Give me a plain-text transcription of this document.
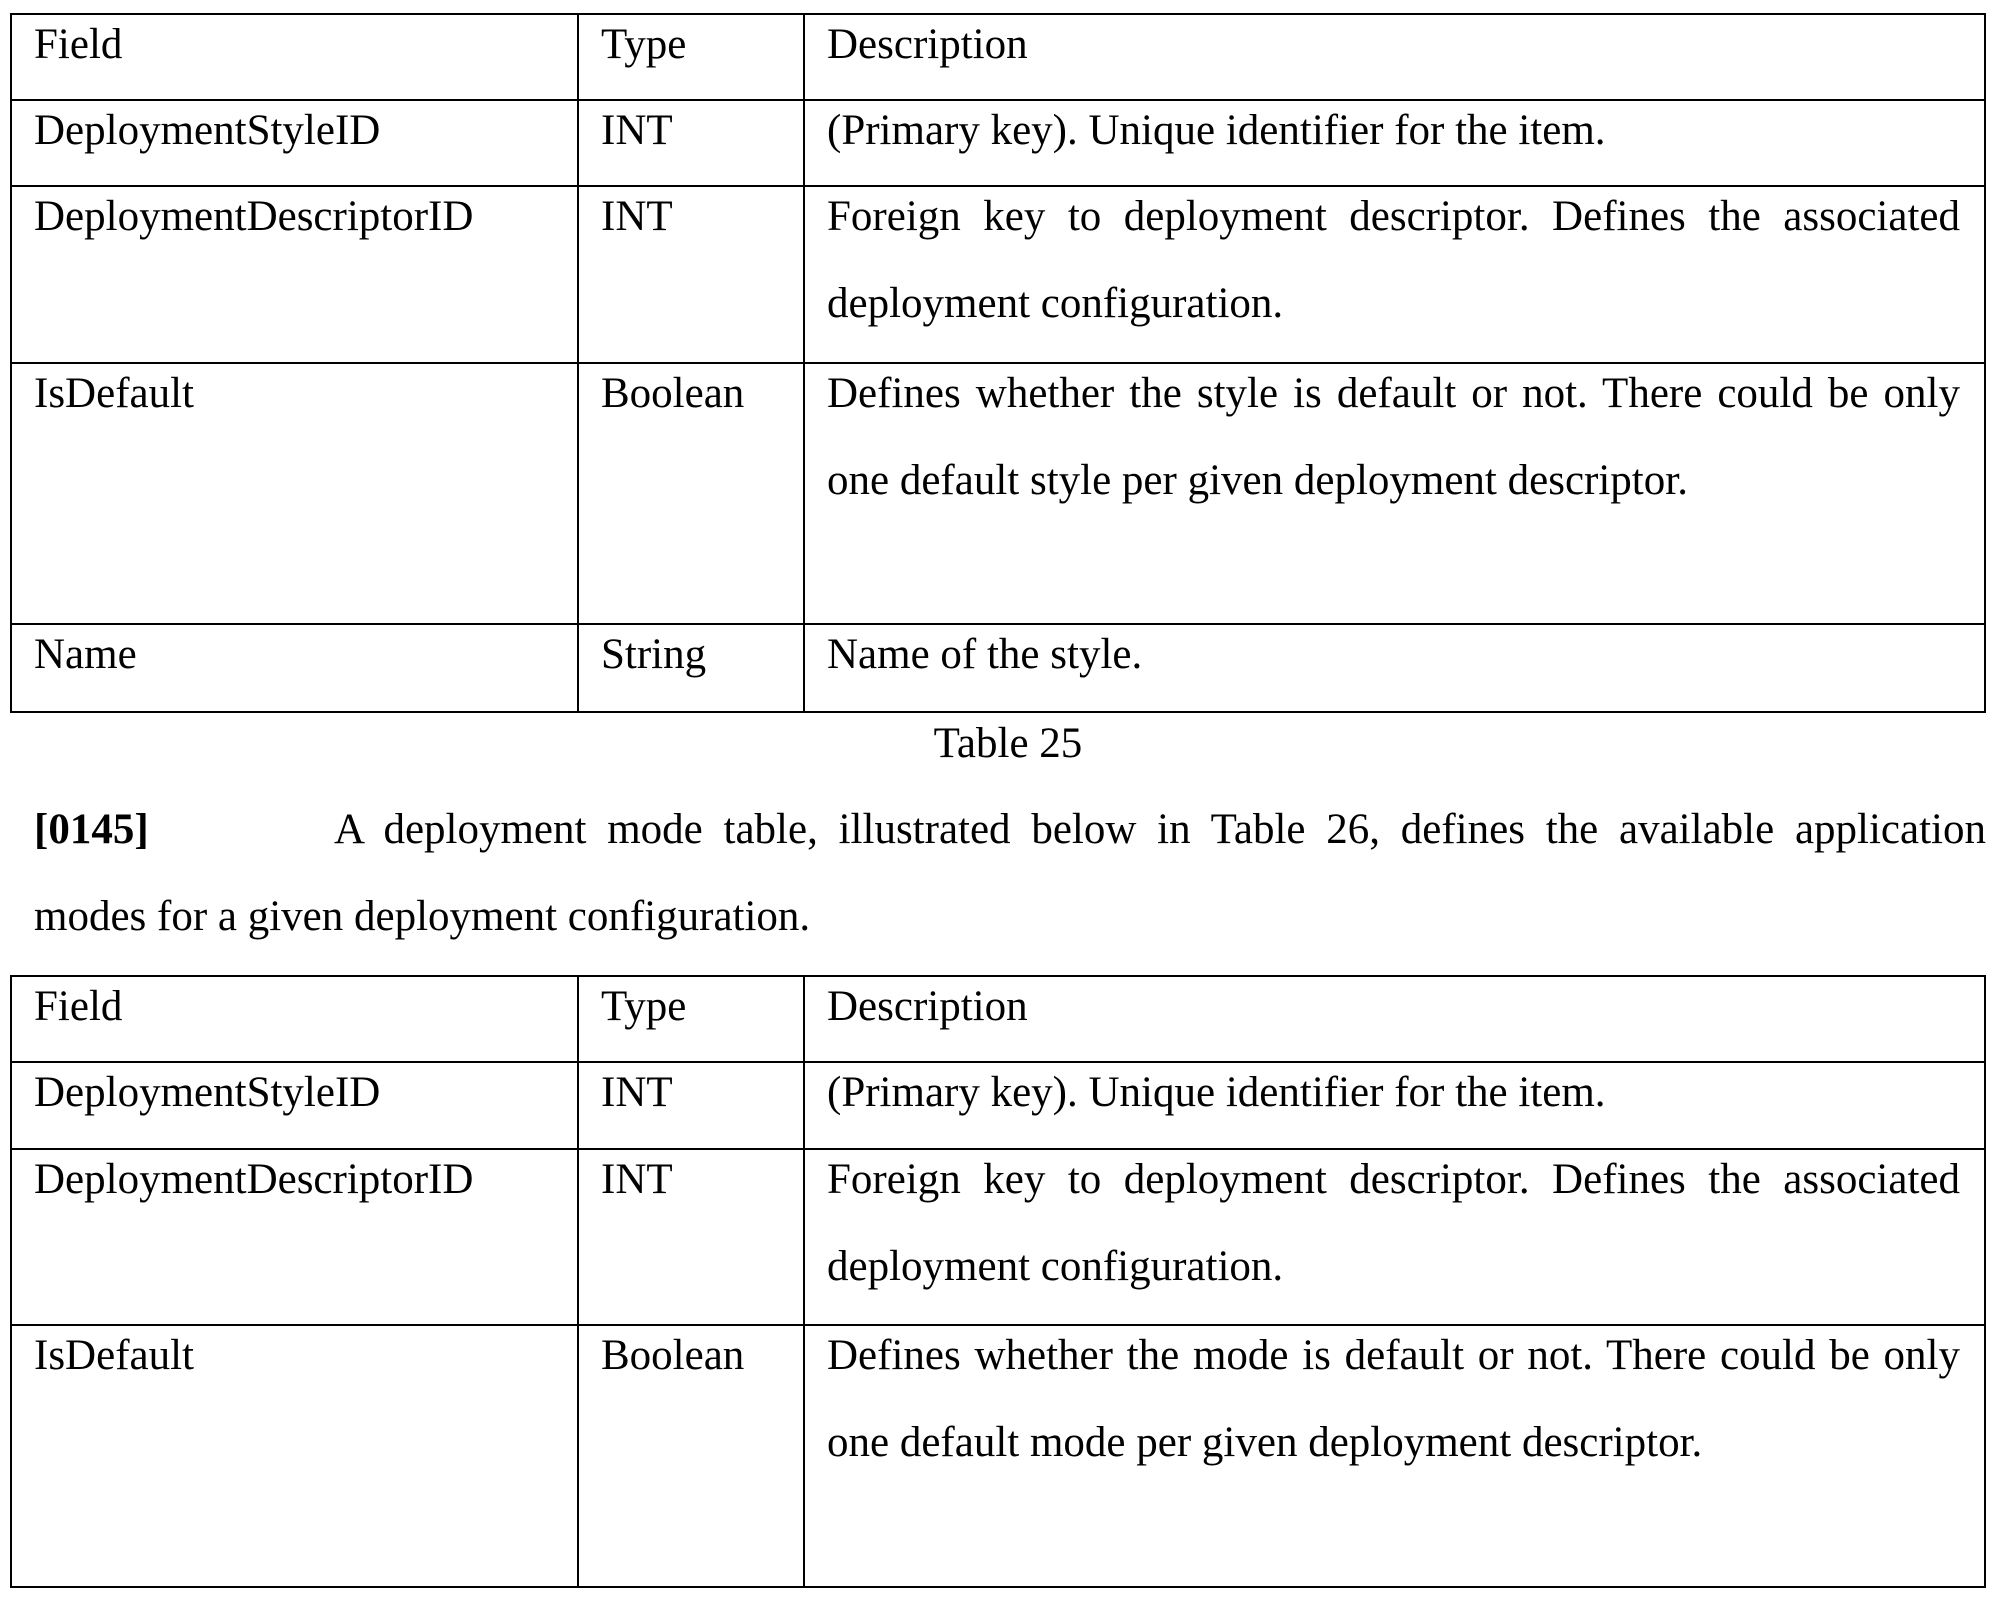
Field	Type	Description

DeploymentStyleID	INT	(Primary key). Unique identifier for the item.

DeploymentDescriptorID	INT	Foreign key to deployment descriptor. Defines the associated deployment configuration.

IsDefault	Boolean	Defines whether the style is default or not. There could be only one default style per given deployment descriptor.

Name	String	Name of the style.
Table 25
[0145]	A deployment mode table, illustrated below in Table 26, defines the available application modes for a given deployment configuration.
Field	Type	Description

DeploymentStyleID	INT	(Primary key). Unique identifier for the item.

DeploymentDescriptorID	INT	Foreign key to deployment descriptor. Defines the associated deployment configuration.

IsDefault	Boolean	Defines whether the mode is default or not. There could be only one default mode per given deployment descriptor.
